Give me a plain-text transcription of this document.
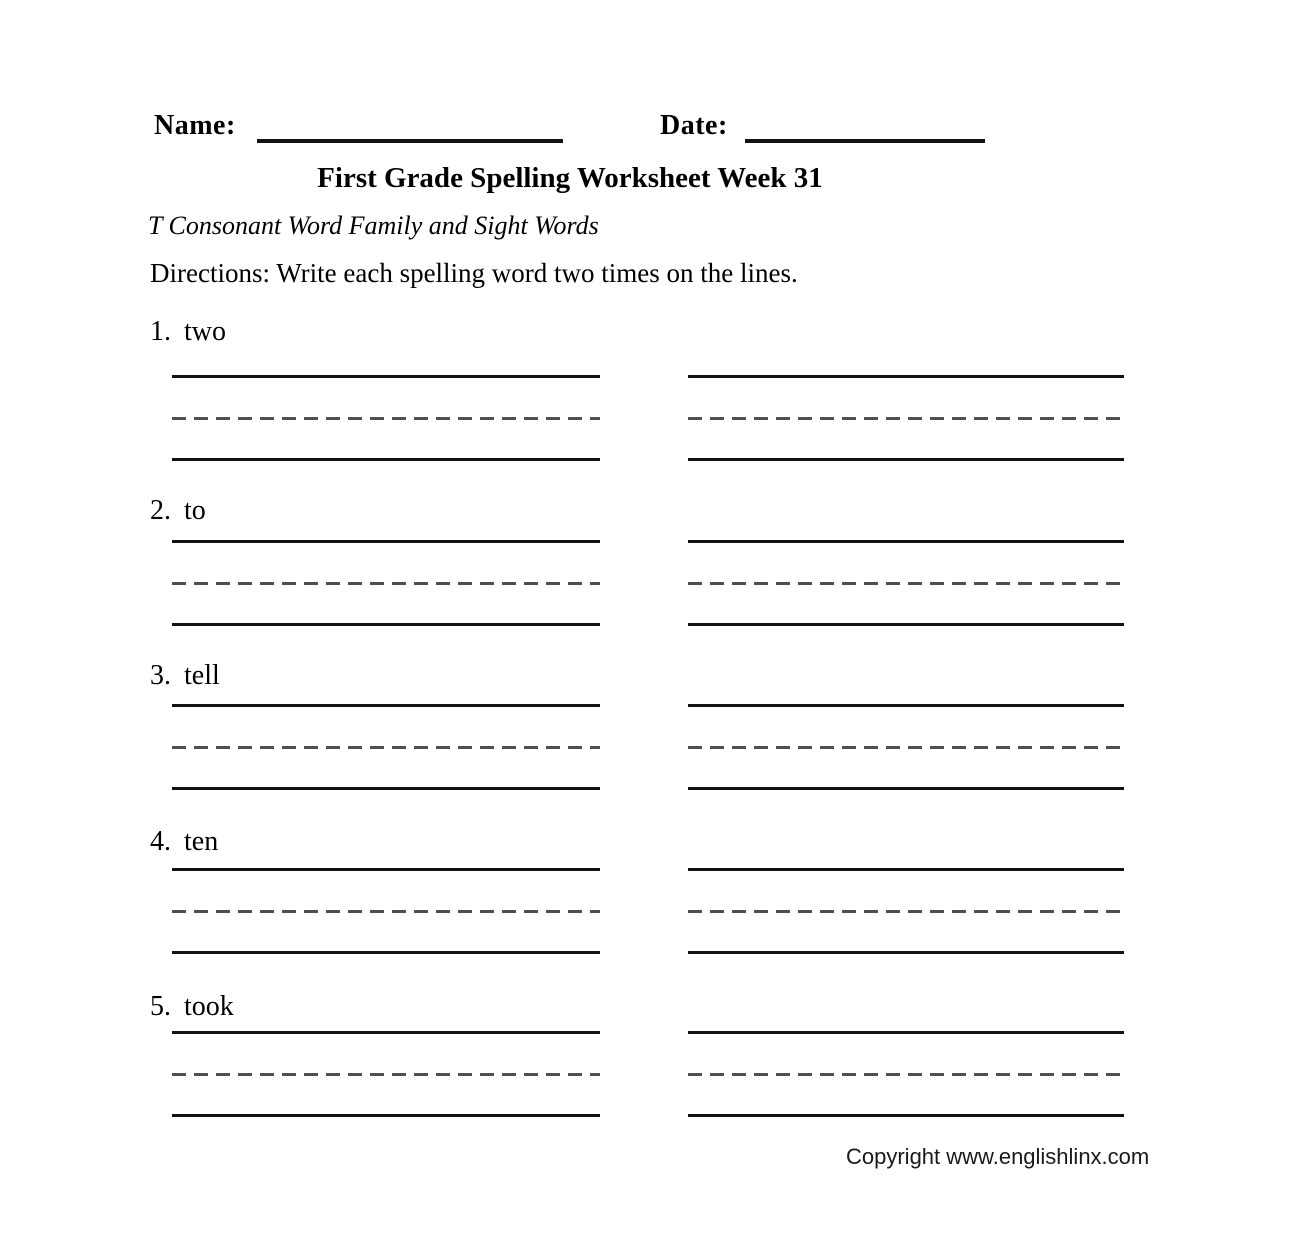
Name:	Date:
First Grade Spelling Worksheet Week 31
T Consonant Word Family and Sight Words
Directions: Write each spelling word two times on the lines.
1. two
2. to
3. tell
4. ten
5. took
Copyright www.englishlinx.com
